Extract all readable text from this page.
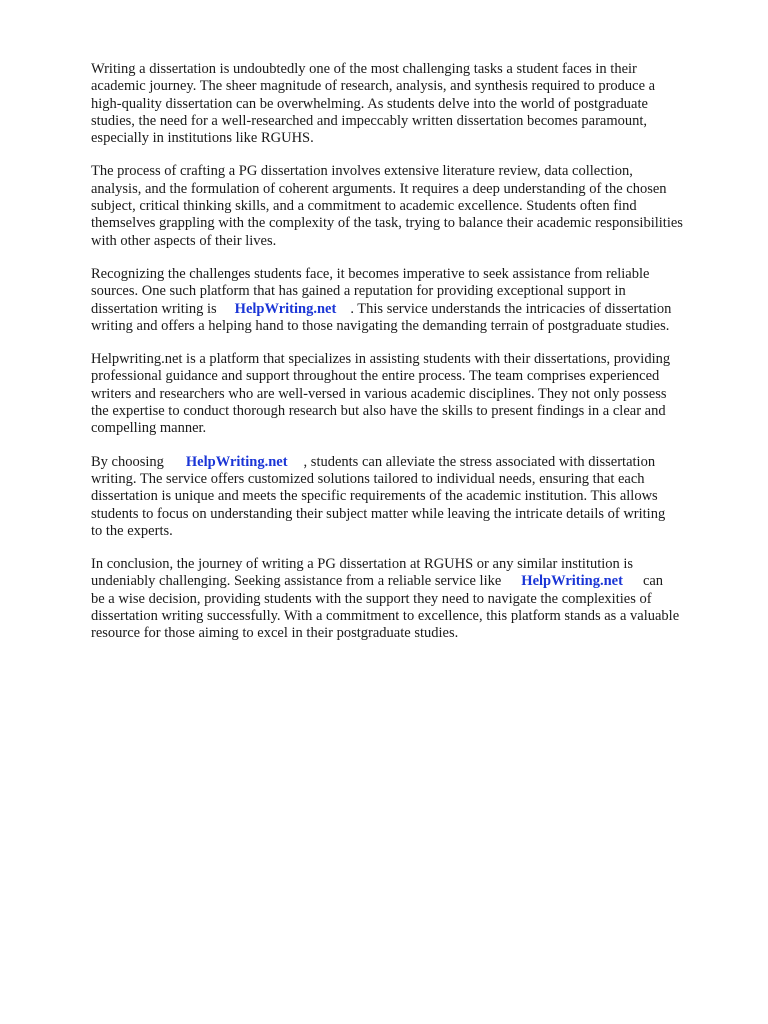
Writing a dissertation is undoubtedly one of the most challenging tasks a student faces in their
academic journey. The sheer magnitude of research, analysis, and synthesis required to produce a
high-quality dissertation can be overwhelming. As students delve into the world of postgraduate
studies, the need for a well-researched and impeccably written dissertation becomes paramount,
especially in institutions like RGUHS.

The process of crafting a PG dissertation involves extensive literature review, data collection,
analysis, and the formulation of coherent arguments. It requires a deep understanding of the chosen
subject, critical thinking skills, and a commitment to academic excellence. Students often find
themselves grappling with the complexity of the task, trying to balance their academic responsibilities
with other aspects of their lives.

Recognizing the challenges students face, it becomes imperative to seek assistance from reliable
sources. One such platform that has gained a reputation for providing exceptional support in
dissertation writing is HelpWriting.net . This service understands the intricacies of dissertation
writing and offers a helping hand to those navigating the demanding terrain of postgraduate studies.

Helpwriting.net is a platform that specializes in assisting students with their dissertations, providing
professional guidance and support throughout the entire process. The team comprises experienced
writers and researchers who are well-versed in various academic disciplines. They not only possess
the expertise to conduct thorough research but also have the skills to present findings in a clear and
compelling manner.

By choosing HelpWriting.net , students can alleviate the stress associated with dissertation
writing. The service offers customized solutions tailored to individual needs, ensuring that each
dissertation is unique and meets the specific requirements of the academic institution. This allows
students to focus on understanding their subject matter while leaving the intricate details of writing
to the experts.

In conclusion, the journey of writing a PG dissertation at RGUHS or any similar institution is
undeniably challenging. Seeking assistance from a reliable service like HelpWriting.net can
be a wise decision, providing students with the support they need to navigate the complexities of
dissertation writing successfully. With a commitment to excellence, this platform stands as a valuable
resource for those aiming to excel in their postgraduate studies.
